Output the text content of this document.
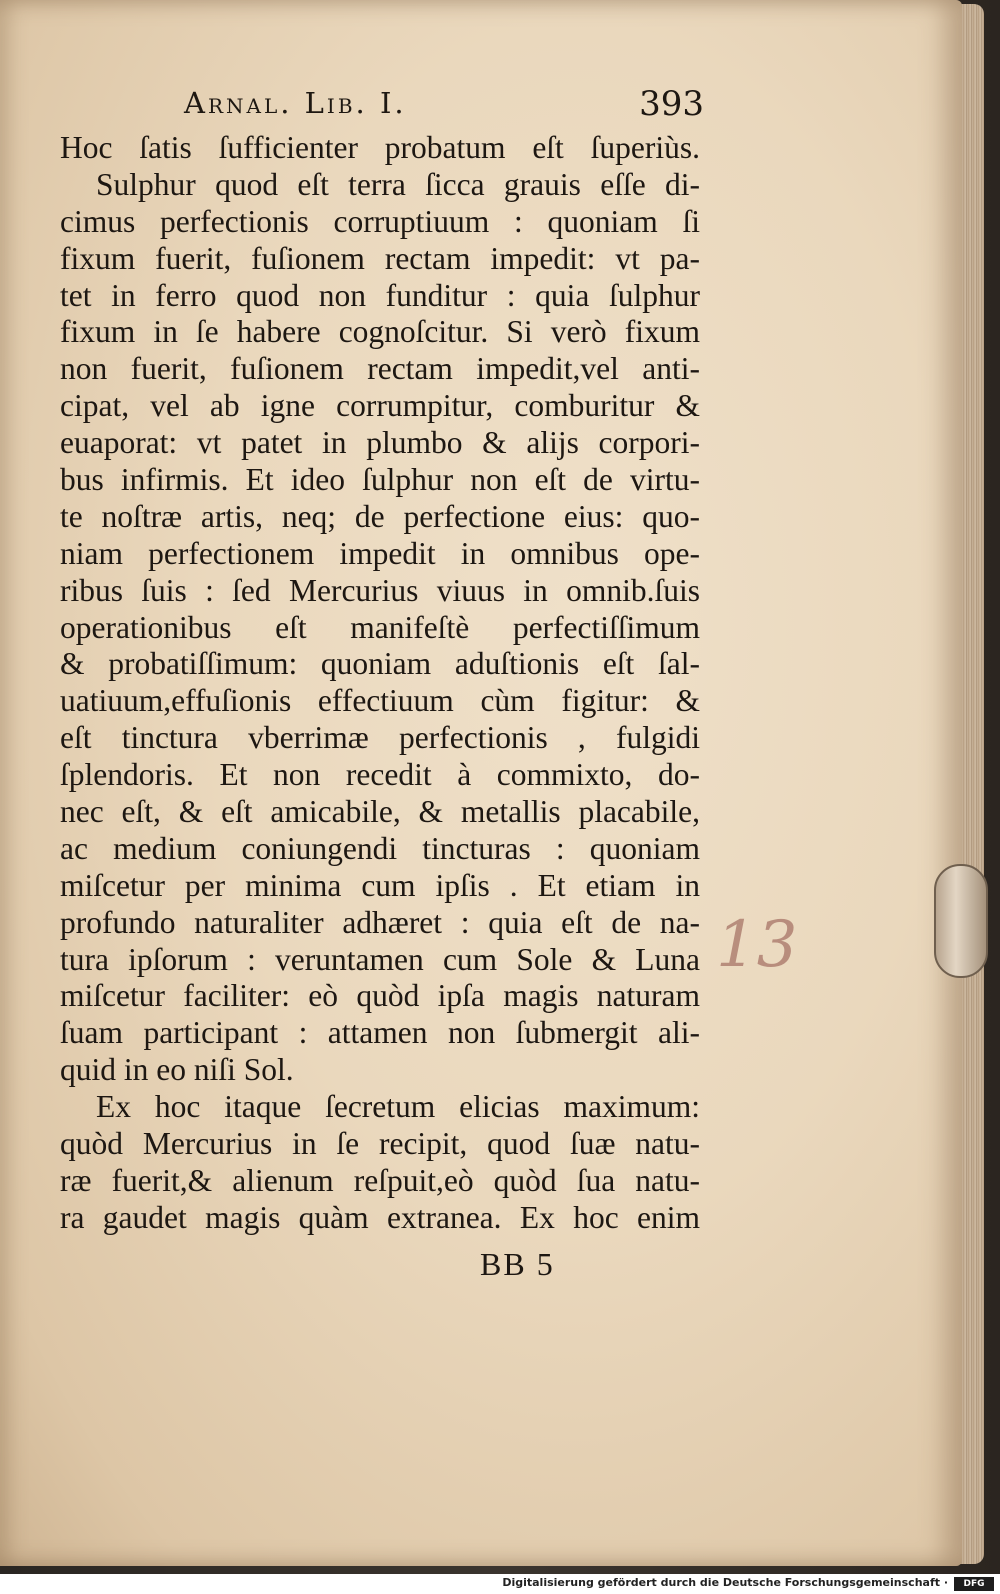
13
Arnal. Lib. I.	393
Hoc ſatis ſufficienter probatum eſt ſuperiùs.
Sulphur quod eſt terra ſicca grauis eſſe di-
cimus perfectionis corruptiuum : quoniam ſi
fixum fuerit, fuſionem rectam impedit: vt pa-
tet in ferro quod non funditur : quia ſulphur
fixum in ſe habere cognoſcitur. Si verò fixum
non fuerit, fuſionem rectam impedit,vel anti-
cipat, vel ab igne corrumpitur, comburitur &
euaporat: vt patet in plumbo & alijs corpori-
bus infirmis. Et ideo ſulphur non eſt de virtu-
te noſtræ artis, neq; de perfectione eius: quo-
niam perfectionem impedit in omnibus ope-
ribus ſuis : ſed Mercurius viuus in omnib.ſuis
operationibus eſt manifeſtè perfectiſſimum
& probatiſſimum: quoniam aduſtionis eſt ſal-
uatiuum,effuſionis effectiuum cùm figitur: &
eſt tinctura vberrimæ perfectionis , fulgidi
ſplendoris. Et non recedit à commixto, do-
nec eſt, & eſt amicabile, & metallis placabile,
ac medium coniungendi tincturas : quoniam
miſcetur per minima cum ipſis . Et etiam in
profundo naturaliter adhæret : quia eſt de na-
tura ipſorum : veruntamen cum Sole & Luna
miſcetur faciliter: eò quòd ipſa magis naturam
ſuam participant : attamen non ſubmergit ali-
quid in eo niſi Sol.
Ex hoc itaque ſecretum elicias maximum:
quòd Mercurius in ſe recipit, quod ſuæ natu-
ræ fuerit,& alienum reſpuit,eò quòd ſua natu-
ra gaudet magis quàm extranea. Ex hoc enim
BB 5
Digitalisierung gefördert durch die Deutsche Forschungsgemeinschaft ·	DFG
